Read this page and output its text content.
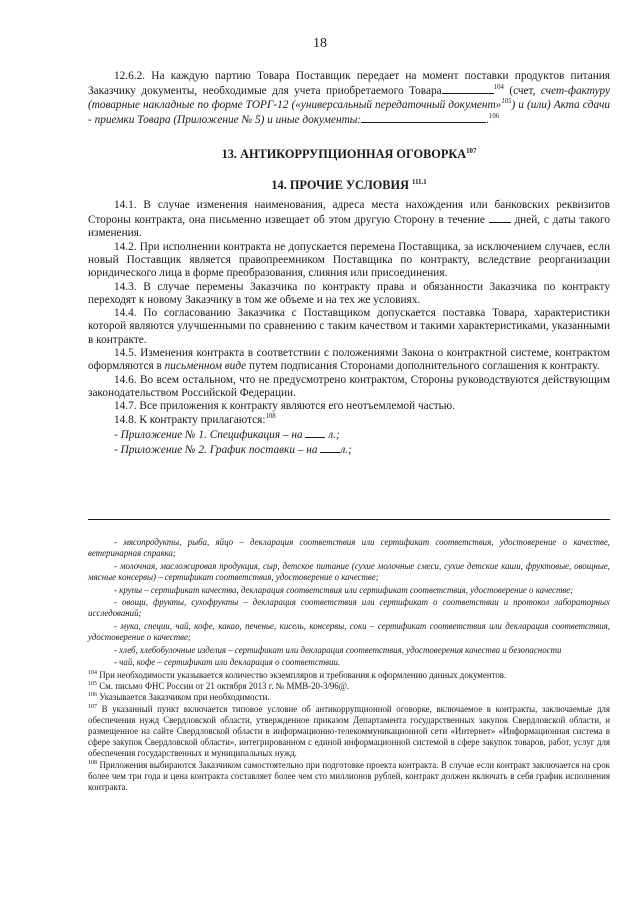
18

12.6.2. На каждую партию Товара Поставщик передает на момент поставки продуктов питания Заказчику документы, необходимые для учета приобретаемого Товара	$^{104}$ (счет, счет-фактуру (товарные накладные по форме ТОРГ-12 («универсальный передаточный документ»$^{105}$) и (или) Акта сдачи - приемки Товара (Приложение № 5) и иные документы:	.$^{106}$

13. АНТИКОРРУПЦИОННАЯ ОГОВОРКА$^{107}$

14. ПРОЧИЕ УСЛОВИЯ $^{111.1}$

14.1. В случае изменения наименования, адреса места нахождения или банковских реквизитов Стороны контракта, она письменно извещает об этом другую Сторону в течение	дней, с даты такого изменения.

14.2. При исполнении контракта не допускается перемена Поставщика, за исключением случаев, если новый Поставщик является правопреемником Поставщика по контракту, вследствие реорганизации юридического лица в форме преобразования, слияния или присоединения.

14.3. В случае перемены Заказчика по контракту права и обязанности Заказчика по контракту переходят к новому Заказчику в том же объеме и на тех же условиях.

14.4. По согласованию Заказчика с Поставщиком допускается поставка Товара, характеристики которой являются улучшенными по сравнению с таким качеством и такими характеристиками, указанными в контракте.

14.5. Изменения контракта в соответствии с положениями Закона о контрактной системе, контрактом оформляются в письменном виде путем подписания Сторонами дополнительного соглашения к контракту.

14.6. Во всем остальном, что не предусмотрено контрактом, Стороны руководствуются действующим законодательством Российской Федерации.

14.7. Все приложения к контракту являются его неотъемлемой частью.

14.8. К контракту прилагаются:$^{108}$

- Приложение № 1. Спецификация – на л.;

- Приложение № 2. График поставки – на л.;

- мясопродукты, рыба, яйцо – декларация соответствия или сертификат соответствия, удостоверение о качестве, ветеринарная справка;

- молочная, масложировая продукция, сыр, детское питание (сухие молочные смеси, сухие детские каши, фруктовые, овощные, мясные консервы) – сертификат соответствия, удостоверение о качестве;

- крупы – сертификат качества, декларация соответствия или сертификат соответствия, удостоверение о качестве;

- овощи, фрукты, сухофрукты – декларация соответствия или сертификат о соответствии и протокол лабораторных исследований;

- мука, специи, чай, кофе, какао, печенье, кисель, консервы, соки – сертификат соответствия или декларация соответствия, удостоверение о качестве;

- хлеб, хлебобулочные изделия – сертификат или декларация соответствия, удостоверения качества и безопасности

- чай, кофе – сертификат или декларация о соответствии.

$^{104}$ При необходимости указывается количество экземпляров и требования к оформлению данных документов.

$^{105}$ См. письмо ФНС России от 21 октября 2013 г. № ММВ-20-3/96@.

$^{106}$ Указывается Заказчиком при необходимости.

$^{107}$ В указанный пункт включается типовое условие об антикоррупционной оговорке, включаемое в контракты, заключаемые для обеспечения нужд Свердловской области, утвержденное приказом Департамента государственных закупок Свердловской области, и размещенное на сайте Свердловской области в информационно-телекоммуникационной сети «Интернет» «Информационная система в сфере закупок Свердловской области», интегрированном с единой информационной системой в сфере закупок товаров, работ, услуг для обеспечения государственных и муниципальных нужд.

$^{108}$ Приложения выбираются Заказчиком самостоятельно при подготовке проекта контракта. В случае если контракт заключается на срок более чем три года и цена контракта составляет более чем сто миллионов рублей, контракт должен включать в себя график исполнения контракта.
